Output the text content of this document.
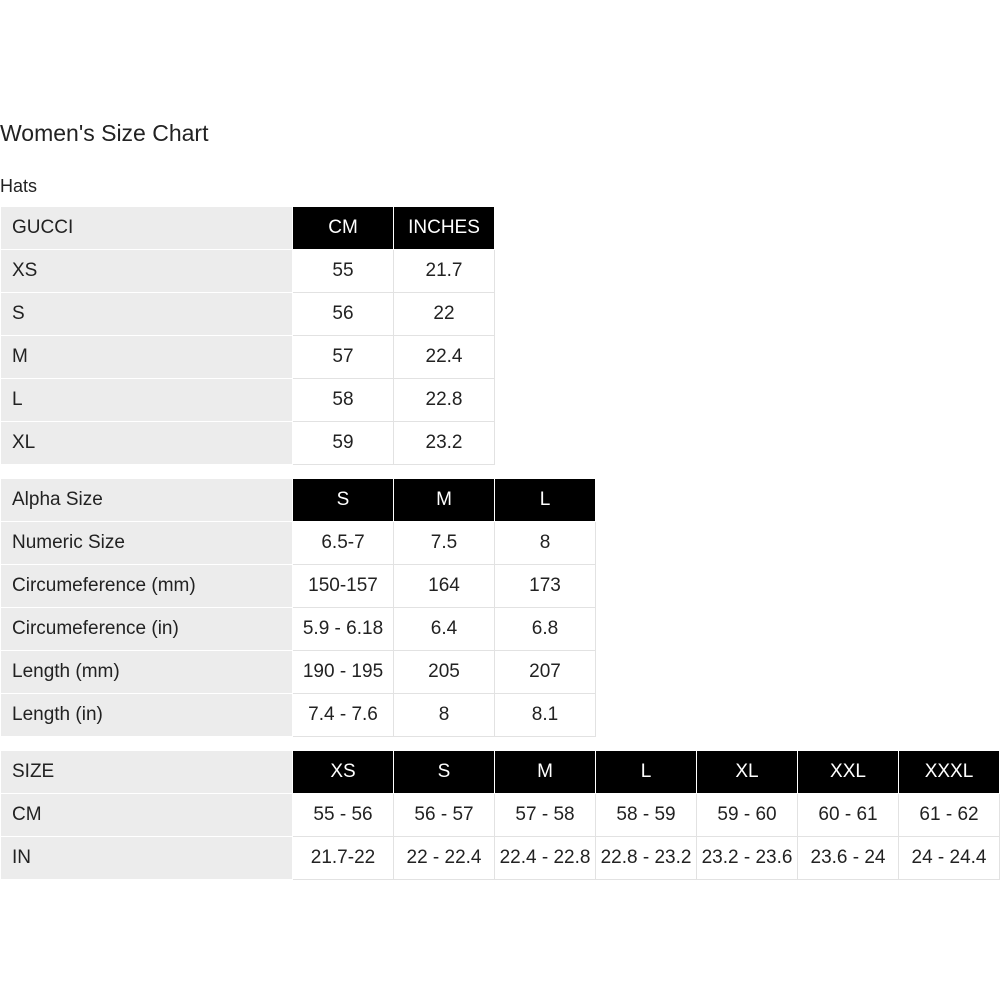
Women's Size Chart
Hats
GUCCI	CM	INCHES
XS	55	21.7
S	56	22
M	57	22.4
L	58	22.8
XL	59	23.2
Alpha Size	S	M	L
Numeric Size	6.5-7	7.5	8
Circumeference (mm)	150-157	164	173
Circumeference (in)	5.9 - 6.18	6.4	6.8
Length (mm)	190 - 195	205	207
Length (in)	7.4 - 7.6	8	8.1
SIZE	XS	S	M	L	XL	XXL	XXXL
CM	55 - 56	56 - 57	57 - 58	58 - 59	59 - 60	60 - 61	61 - 62
IN	21.7-22	22 - 22.4	22.4 - 22.8	22.8 - 23.2	23.2 - 23.6	23.6 - 24	24 - 24.4
